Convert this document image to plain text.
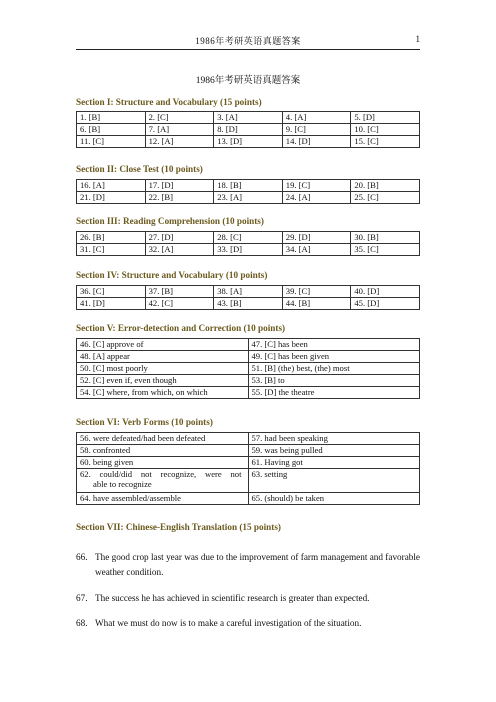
1986年考研英语真题答案	1
1986年考研英语真题答案
Section I: Structure and Vocabulary (15 points)
1. [B]	2. [C]	3. [A]	4. [A]	5. [D]
6. [B]	7. [A]	8. [D]	9. [C]	10. [C]
11. [C]	12. [A]	13. [D]	14. [D]	15. [C]
Section II: Close Test (10 points)
16. [A]	17. [D]	18. [B]	19. [C]	20. [B]
21. [D]	22. [B]	23. [A]	24. [A]	25. [C]
Section III: Reading Comprehension (10 points)
26. [B]	27. [D]	28. [C]	29. [D]	30. [B]
31. [C]	32. [A]	33. [D]	34. [A]	35. [C]
Section IV: Structure and Vocabulary (10 points)
36. [C]	37. [B]	38. [A]	39. [C]	40. [D]
41. [D]	42. [C]	43. [B]	44. [B]	45. [D]
Section V: Error-detection and Correction (10 points)
46. [C] approve of	47. [C] has been
48. [A] appear	49. [C] has been given
50. [C] most poorly	51. [B] (the) best, (the) most
52. [C] even if, even though	53. [B] to
54. [C] where, from which, on which	55. [D] the theatre
Section VI: Verb Forms (10 points)
56. were defeated/had been defeated	57. had been speaking
58. confronted	59. was being pulled
60. being given	61. Having got

62. could/did not recognize, were not
able to recognize	63. setting
64. have assembled/assemble	65. (should) be taken
Section VII: Chinese-English Translation (15 points)
66. The good crop last year was due to the improvement of farm management and favorable weather condition.
67. The success he has achieved in scientific research is greater than expected.
68. What we must do now is to make a careful investigation of the situation.
